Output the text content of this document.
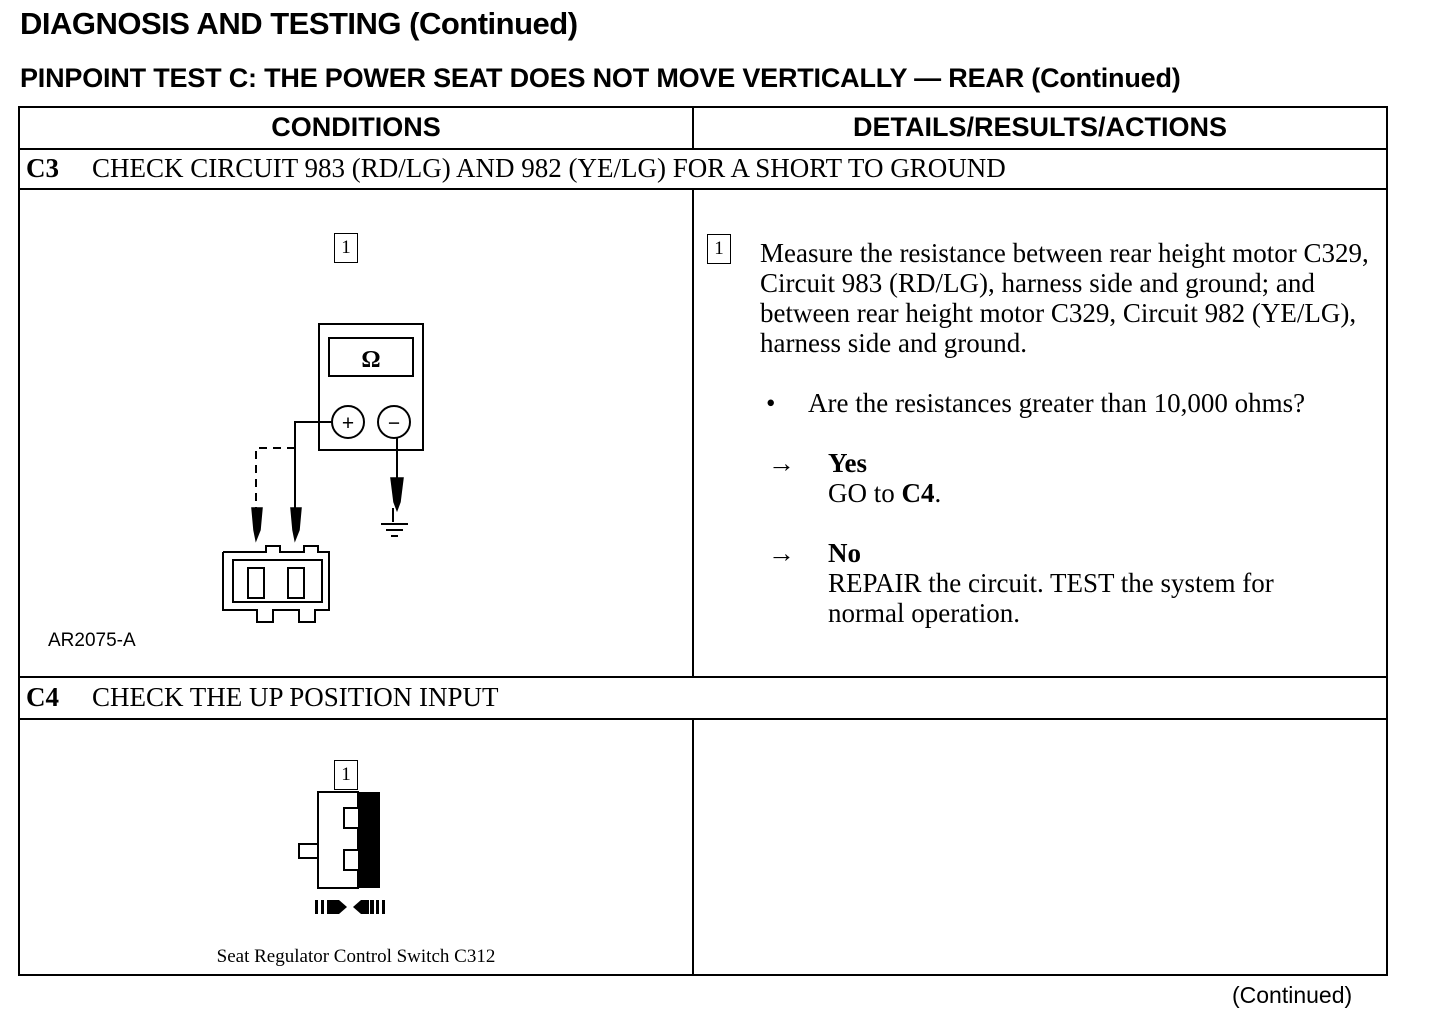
DIAGNOSIS AND TESTING (Continued)
PINPOINT TEST C: THE POWER SEAT DOES NOT MOVE VERTICALLY — REAR (Continued)
CONDITIONS	DETAILS/RESULTS/ACTIONS
C3 CHECK CIRCUIT 983 (RD/LG) AND 982 (YE/LG) FOR A SHORT TO GROUND
1
Ω
+ −
AR2075-A
1 Measure the resistance between rear height motor C329, Circuit 983 (RD/LG), harness side and ground; and between rear height motor C329, Circuit 982 (YE/LG), harness side and ground.
• Are the resistances greater than 10,000 ohms?
→ Yes
GO to C4.
→ No
REPAIR the circuit. TEST the system for normal operation.
C4 CHECK THE UP POSITION INPUT
1
Seat Regulator Control Switch C312
(Continued)
